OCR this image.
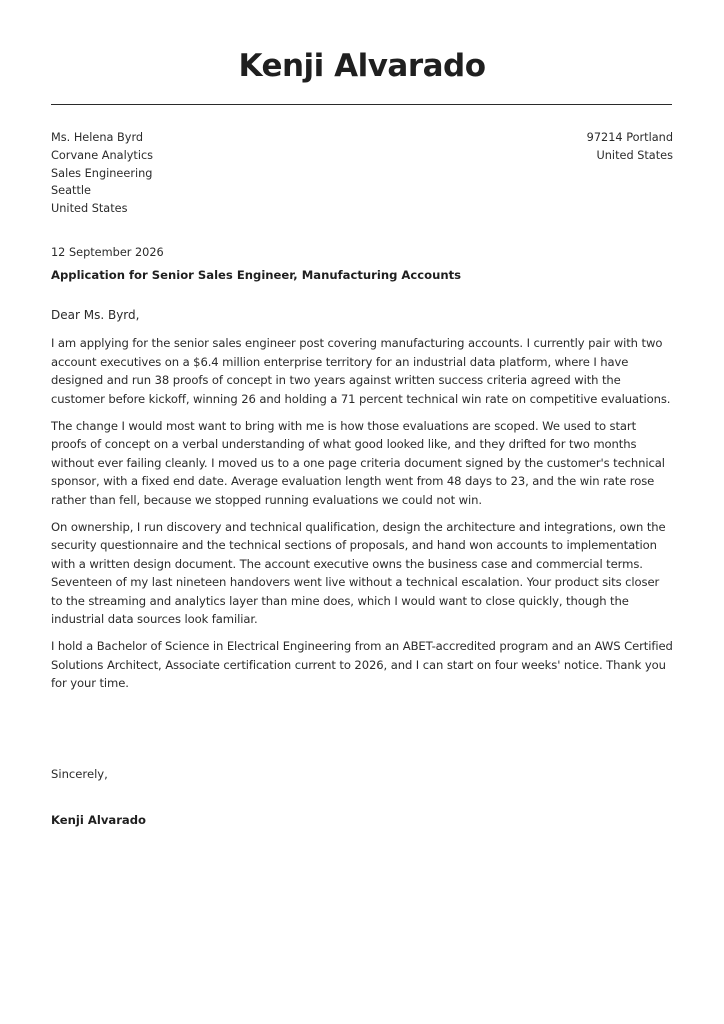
Kenji Alvarado
Ms. Helena Byrd
Corvane Analytics
Sales Engineering
Seattle
United States
97214 Portland
United States
12 September 2026
Application for Senior Sales Engineer, Manufacturing Accounts
Dear Ms. Byrd,

I am applying for the senior sales engineer post covering manufacturing accounts. I currently pair with two account executives on a $6.4 million enterprise territory for an industrial data platform, where I have designed and run 38 proofs of concept in two years against written success criteria agreed with the customer before kickoff, winning 26 and holding a 71 percent technical win rate on competitive evaluations.

The change I would most want to bring with me is how those evaluations are scoped. We used to start proofs of concept on a verbal understanding of what good looked like, and they drifted for two months without ever failing cleanly. I moved us to a one page criteria document signed by the customer's technical sponsor, with a fixed end date. Average evaluation length went from 48 days to 23, and the win rate rose rather than fell, because we stopped running evaluations we could not win.

On ownership, I run discovery and technical qualification, design the architecture and integrations, own the security questionnaire and the technical sections of proposals, and hand won accounts to implementation with a written design document. The account executive owns the business case and commercial terms. Seventeen of my last nineteen handovers went live without a technical escalation. Your product sits closer to the streaming and analytics layer than mine does, which I would want to close quickly, though the industrial data sources look familiar.

I hold a Bachelor of Science in Electrical Engineering from an ABET-accredited program and an AWS Certified Solutions Architect, Associate certification current to 2026, and I can start on four weeks' notice. Thank you for your time.

Sincerely,
Kenji Alvarado
